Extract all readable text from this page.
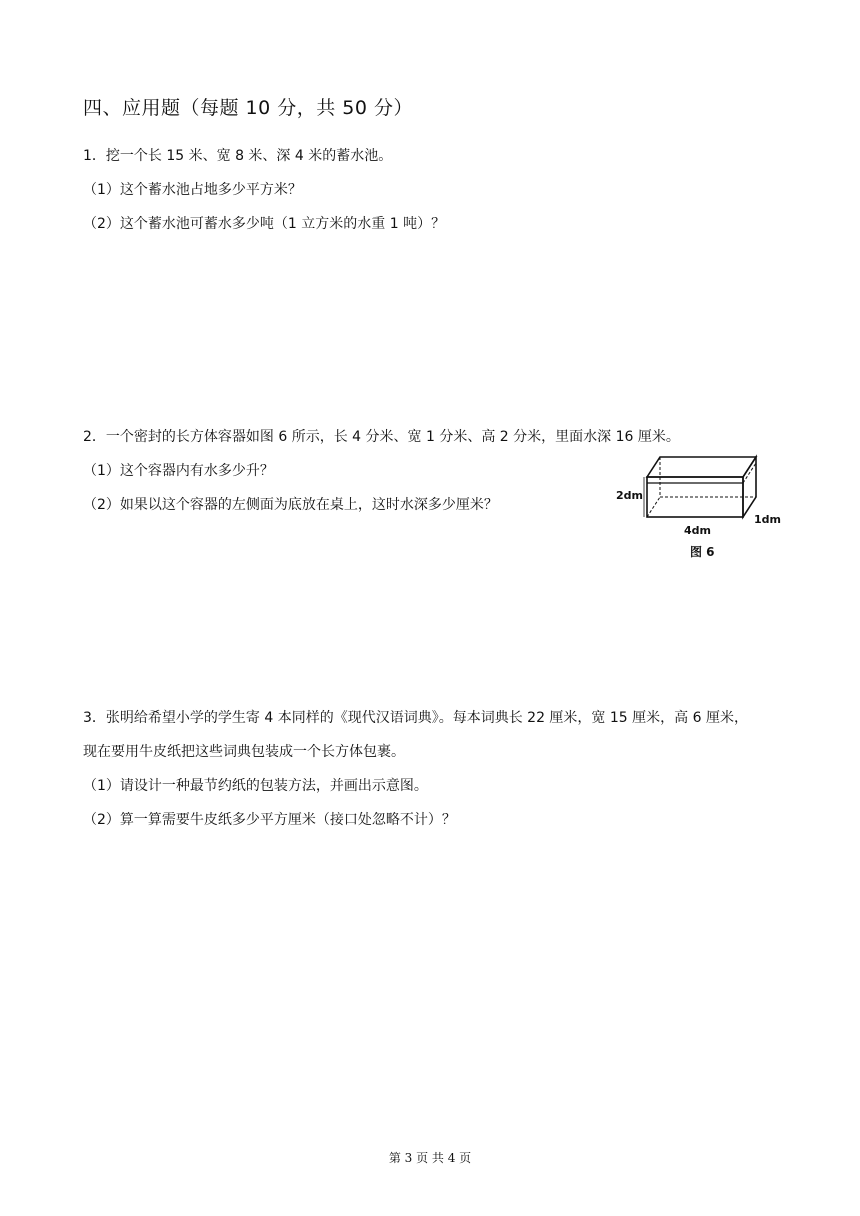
四、应用题（每题 10 分，共 50 分）
1．挖一个长 15 米、宽 8 米、深 4 米的蓄水池。
（1）这个蓄水池占地多少平方米？
（2）这个蓄水池可蓄水多少吨（1 立方米的水重 1 吨）？
2．一个密封的长方体容器如图 6 所示，长 4 分米、宽 1 分米、高 2 分米，里面水深 16 厘米。
（1）这个容器内有水多少升？
（2）如果以这个容器的左侧面为底放在桌上，这时水深多少厘米？
2dm
4dm
1dm
图 6
3．张明给希望小学的学生寄 4 本同样的《现代汉语词典》。每本词典长 22 厘米，宽 15 厘米，高 6 厘米，
现在要用牛皮纸把这些词典包装成一个长方体包裹。
（1）请设计一种最节约纸的包装方法，并画出示意图。
（2）算一算需要牛皮纸多少平方厘米（接口处忽略不计）？
第 3 页 共 4 页
